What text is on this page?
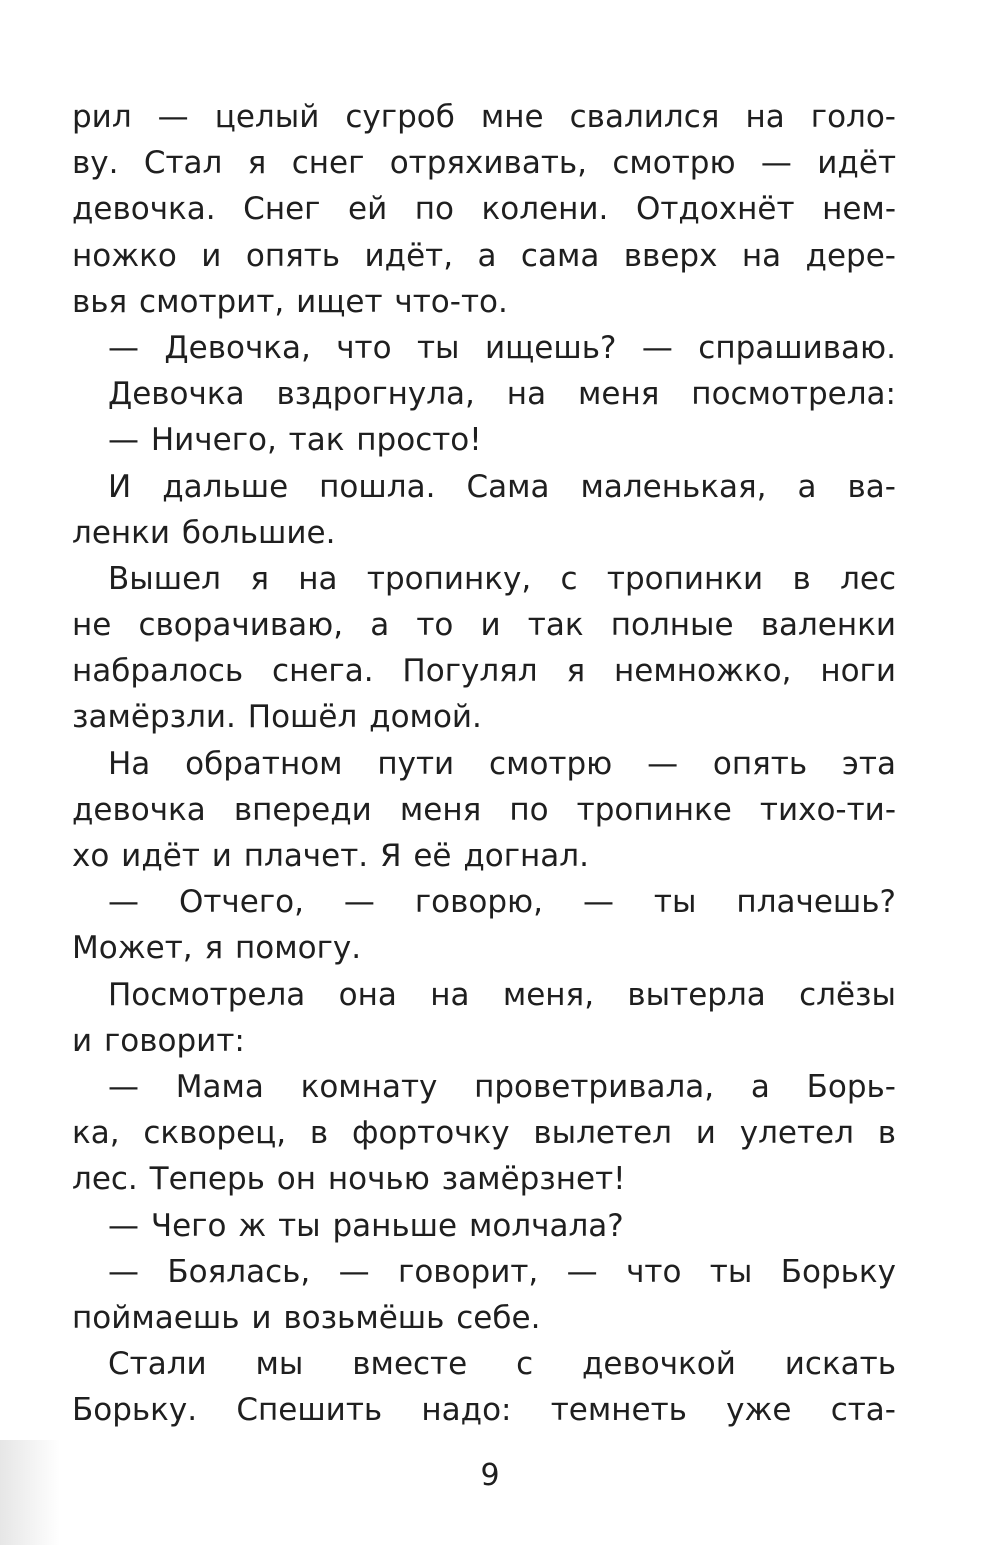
рил — целый сугроб мне свалился на голо-
ву. Стал я снег отряхивать, смотрю — идёт
девочка. Снег ей по колени. Отдохнёт нем-
ножко и опять идёт, а сама вверх на дере-
вья смотрит, ищет что-то.
— Девочка, что ты ищешь? — спрашиваю.
Девочка вздрогнула, на меня посмотрела:
— Ничего, так просто!
И дальше пошла. Сама маленькая, а ва-
ленки большие.
Вышел я на тропинку, с тропинки в лес
не сворачиваю, а то и так полные валенки
набралось снега. Погулял я немножко, ноги
замёрзли. Пошёл домой.
На обратном пути смотрю — опять эта
девочка впереди меня по тропинке тихо-ти-
хо идёт и плачет. Я её догнал.
— Отчего, — говорю, — ты плачешь?
Может, я помогу.
Посмотрела она на меня, вытерла слёзы
и говорит:
— Мама комнату проветривала, а Борь-
ка, скворец, в форточку вылетел и улетел в
лес. Теперь он ночью замёрзнет!
— Чего ж ты раньше молчала?
— Боялась, — говорит, — что ты Борьку
поймаешь и возьмёшь себе.
Стали мы вместе с девочкой искать
Борьку. Спешить надо: темнеть уже ста-
9
